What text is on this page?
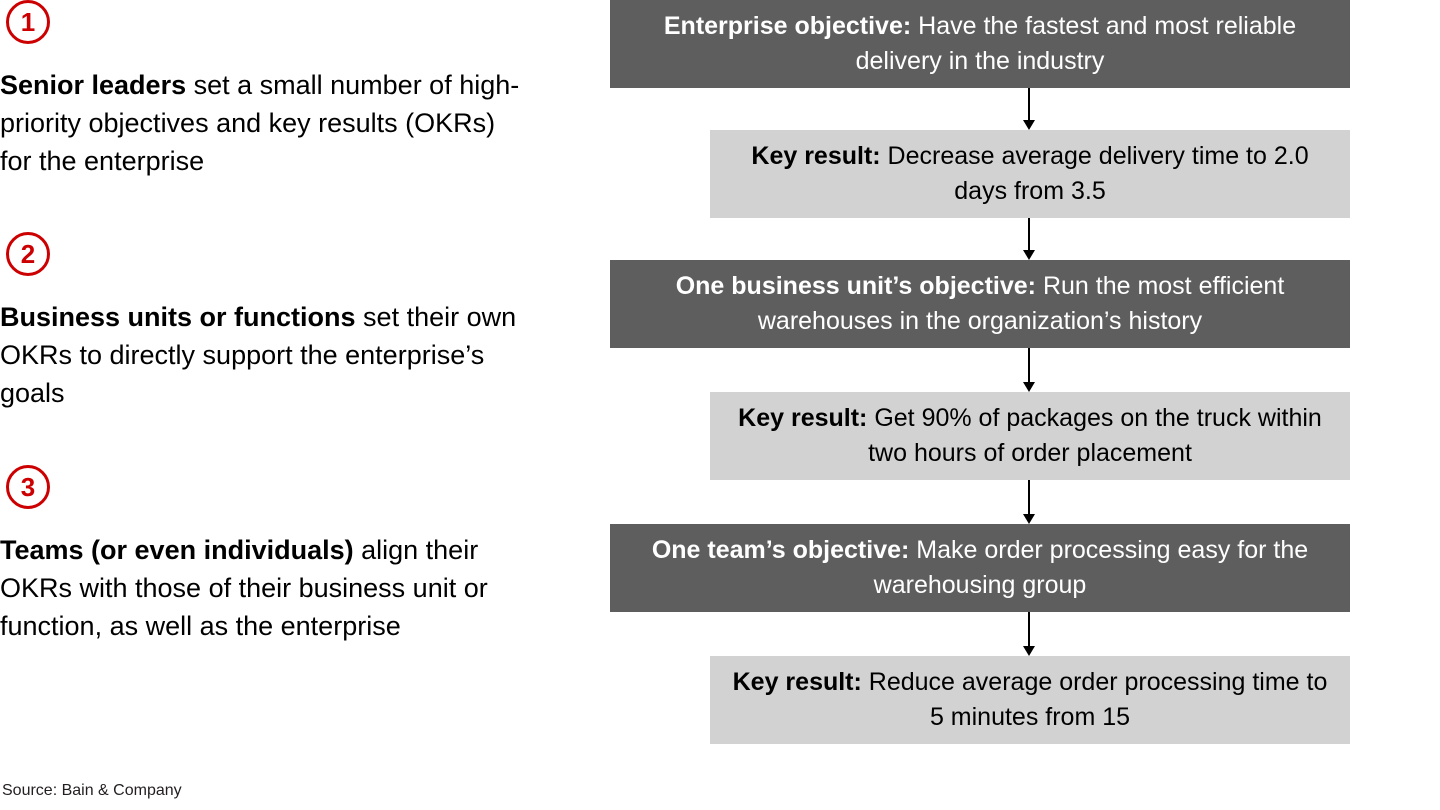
1
Senior leaders set a small number of high-priority objectives and key results (OKRs) for the enterprise
2
Business units or functions set their own OKRs to directly support the enterprise’s goals
3
Teams (or even individuals) align their OKRs with those of their business unit or function, as well as the enterprise
Source: Bain & Company
Enterprise objective: Have the fastest and most reliable delivery in the industry
Key result: Decrease average delivery time to 2.0 days from 3.5
One business unit’s objective: Run the most efficient warehouses in the organization’s history
Key result: Get 90% of packages on the truck within two hours of order placement
One team’s objective: Make order processing easy for the warehousing group
Key result: Reduce average order processing time to 5 minutes from 15
